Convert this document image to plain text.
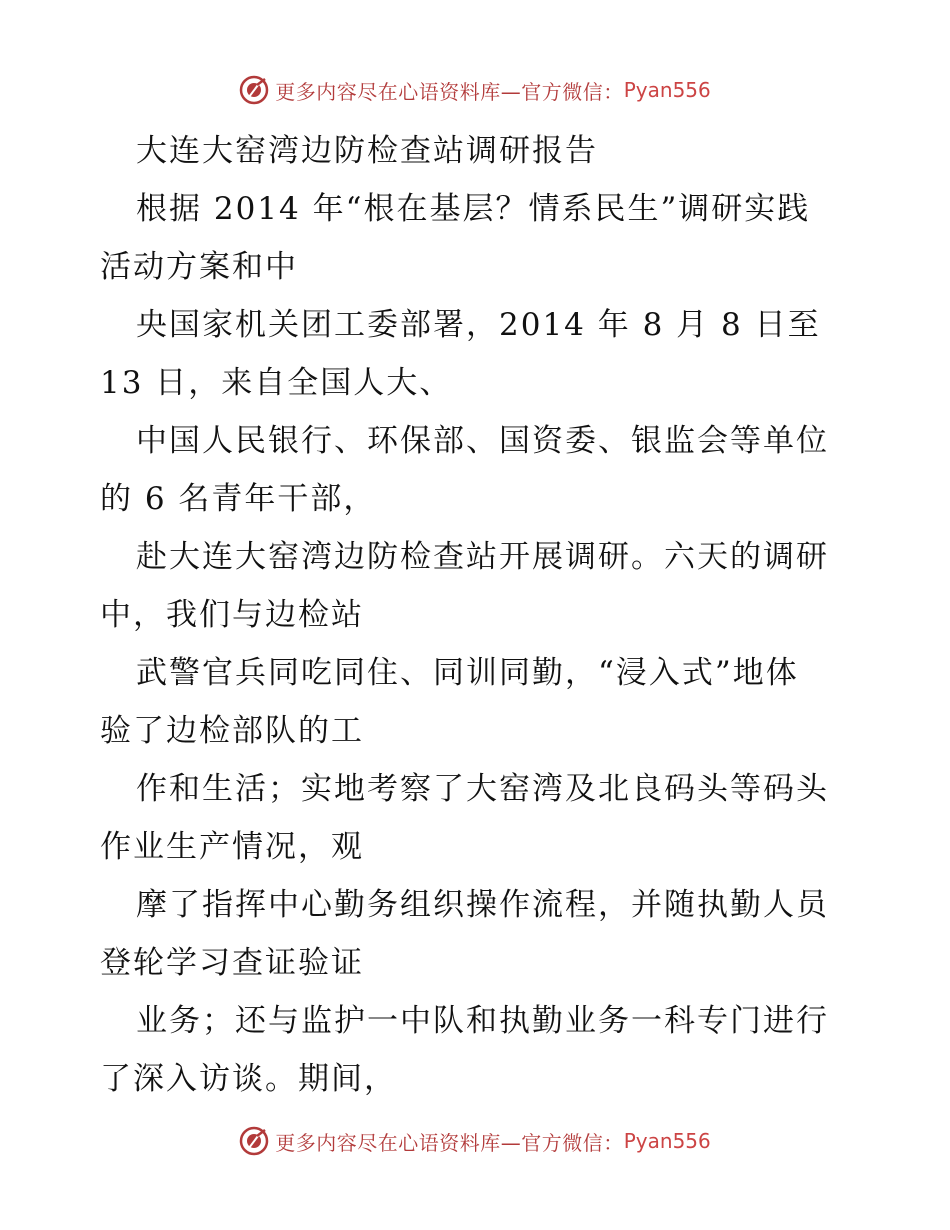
更多内容尽在心语资料库—官方微信： Pyan556
大连大窑湾边防检查站调研报告
根据 2014 年“根在基层？情系民生”调研实践
活动方案和中
央国家机关团工委部署，2014 年 8 月 8 日至
13 日，来自全国人大、
中国人民银行、环保部、国资委、银监会等单位
的 6 名青年干部，
赴大连大窑湾边防检查站开展调研。六天的调研
中，我们与边检站
武警官兵同吃同住、同训同勤，“浸入式”地体
验了边检部队的工
作和生活；实地考察了大窑湾及北良码头等码头
作业生产情况，观
摩了指挥中心勤务组织操作流程，并随执勤人员
登轮学习查证验证
业务；还与监护一中队和执勤业务一科专门进行
了深入访谈。期间，
更多内容尽在心语资料库—官方微信： Pyan556
